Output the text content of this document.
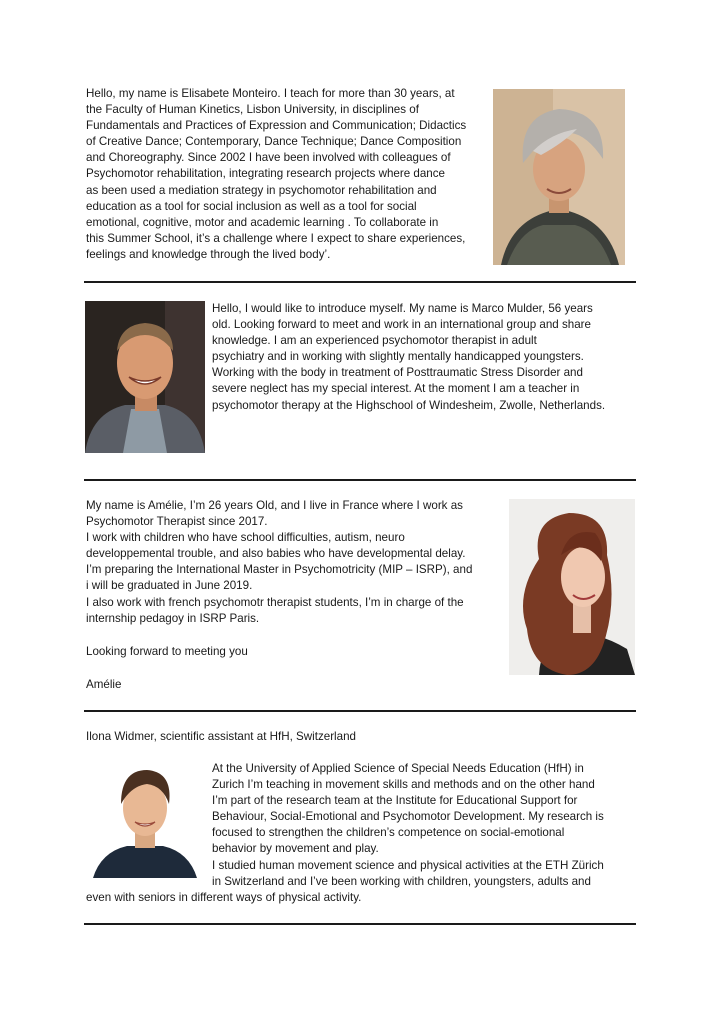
Hello, my name is Elisabete Monteiro. I teach for more than 30 years, at
the Faculty of Human Kinetics, Lisbon University, in disciplines of
Fundamentals and Practices of Expression and Communication; Didactics
of Creative Dance; Contemporary, Dance Technique; Dance Composition
and Choreography. Since 2002 I have been involved with colleagues of
Psychomotor rehabilitation, integrating research projects where dance
as been used a mediation strategy in psychomotor rehabilitation and
education as a tool for social inclusion as well as a tool for social
emotional, cognitive, motor and academic learning . To collaborate in
this Summer School, it’s a challenge where I expect to share experiences,
feelings and knowledge through the lived body’.

Hello, I would like to introduce myself. My name is Marco Mulder, 56 years
old. Looking forward to meet and work in an international group and share
knowledge. I am an experienced psychomotor therapist in adult
psychiatry and in working with slightly mentally handicapped youngsters.
Working with the body in treatment of Posttraumatic Stress Disorder and
severe neglect has my special interest. At the moment I am a teacher in
psychomotor therapy at the Highschool of Windesheim, Zwolle, Netherlands.

My name is Amélie, I’m 26 years Old, and I live in France where I work as
Psychomotor Therapist since 2017.
I work with children who have school difficulties, autism, neuro
developpemental trouble, and also babies who have developmental delay.
I’m preparing the International Master in Psychomotricity (MIP – ISRP), and
i will be graduated in June 2019.
I also work with french psychomotr therapist students, I’m in charge of the
internship pedagoy in ISRP Paris.

Looking forward to meeting you

Amélie

Ilona Widmer, scientific assistant at HfH, Switzerland

At the University of Applied Science of Special Needs Education (HfH) in
Zurich I’m teaching in movement skills and methods and on the other hand
I’m part of the research team at the Institute for Educational Support for
Behaviour, Social-Emotional and Psychomotor Development. My research is
focused to strengthen the children’s competence on social-emotional
behavior by movement and play.
I studied human movement science and physical activities at the ETH Zürich
in Switzerland and I’ve been working with children, youngsters, adults and

even with seniors in different ways of physical activity.
